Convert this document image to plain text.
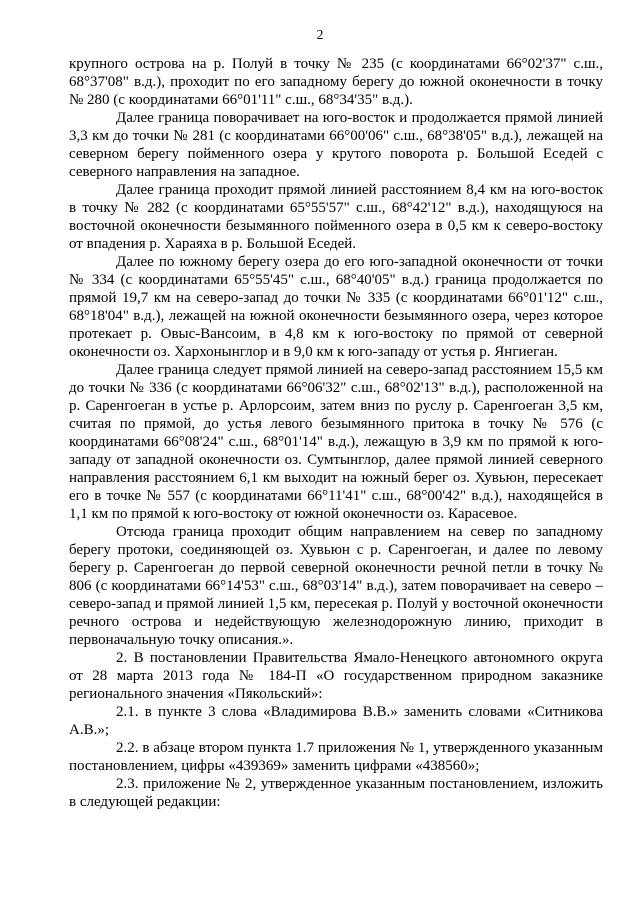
2

крупного острова на р. Полуй в точку № 235 (с координатами 66°02'37" с.ш., 68°37'08" в.д.), проходит по его западному берегу до южной оконечности в точку № 280 (с координатами 66°01'11" с.ш., 68°34'35" в.д.).

Далее граница поворачивает на юго-восток и продолжается прямой линией 3,3 км до точки № 281 (с координатами 66°00'06" с.ш., 68°38'05" в.д.), лежащей на северном берегу пойменного озера у крутого поворота р. Большой Еседей с северного направления на западное.

Далее граница проходит прямой линией расстоянием 8,4 км на юго-восток в точку № 282 (с координатами 65°55'57" с.ш., 68°42'12" в.д.), находящуюся на восточной оконечности безымянного пойменного озера в 0,5 км к северо-востоку от впадения р. Хараяха в р. Большой Еседей.

Далее по южному берегу озера до его юго-западной оконечности от точки № 334 (с координатами 65°55'45" с.ш., 68°40'05" в.д.) граница продолжается по прямой 19,7 км на северо-запад до точки № 335 (с координатами 66°01'12" с.ш., 68°18'04" в.д.), лежащей на южной оконечности безымянного озера, через которое протекает р. Овыс-Вансоим, в 4,8 км к юго-востоку по прямой от северной оконечности оз. Хархонынглор и в 9,0 км к юго-западу от устья р. Янгиеган.

Далее граница следует прямой линией на северо-запад расстоянием 15,5 км до точки № 336 (с координатами 66°06'32" с.ш., 68°02'13" в.д.), расположенной на р. Саренгоеган в устье р. Арлорсоим, затем вниз по руслу р. Саренгоеган 3,5 км, считая по прямой, до устья левого безымянного притока в точку № 576 (с координатами 66°08'24" с.ш., 68°01'14" в.д.), лежащую в 3,9 км по прямой к юго-западу от западной оконечности оз. Сумтынглор, далее прямой линией северного направления расстоянием 6,1 км выходит на южный берег оз. Хувьюн, пересекает его в точке № 557 (с координатами 66°11'41" с.ш., 68°00'42" в.д.), находящейся в 1,1 км по прямой к юго-востоку от южной оконечности оз. Карасевое.

Отсюда граница проходит общим направлением на север по западному берегу протоки, соединяющей оз. Хувьюн с р. Саренгоеган, и далее по левому берегу р. Саренгоеган до первой северной оконечности речной петли в точку № 806 (с координатами 66°14'53" с.ш., 68°03'14" в.д.), затем поворачивает на северо – северо-запад и прямой линией 1,5 км, пересекая р. Полуй у восточной оконечности речного острова и недействующую железнодорожную линию, приходит в первоначальную точку описания.».

2. В постановлении Правительства Ямало-Ненецкого автономного округа от 28 марта 2013 года № 184-П «О государственном природном заказнике регионального значения «Пякольский»:

2.1. в пункте 3 слова «Владимирова В.В.» заменить словами «Ситникова А.В.»;

2.2. в абзаце втором пункта 1.7 приложения № 1, утвержденного указанным постановлением, цифры «439369» заменить цифрами «438560»;

2.3. приложение № 2, утвержденное указанным постановлением, изложить в следующей редакции:
